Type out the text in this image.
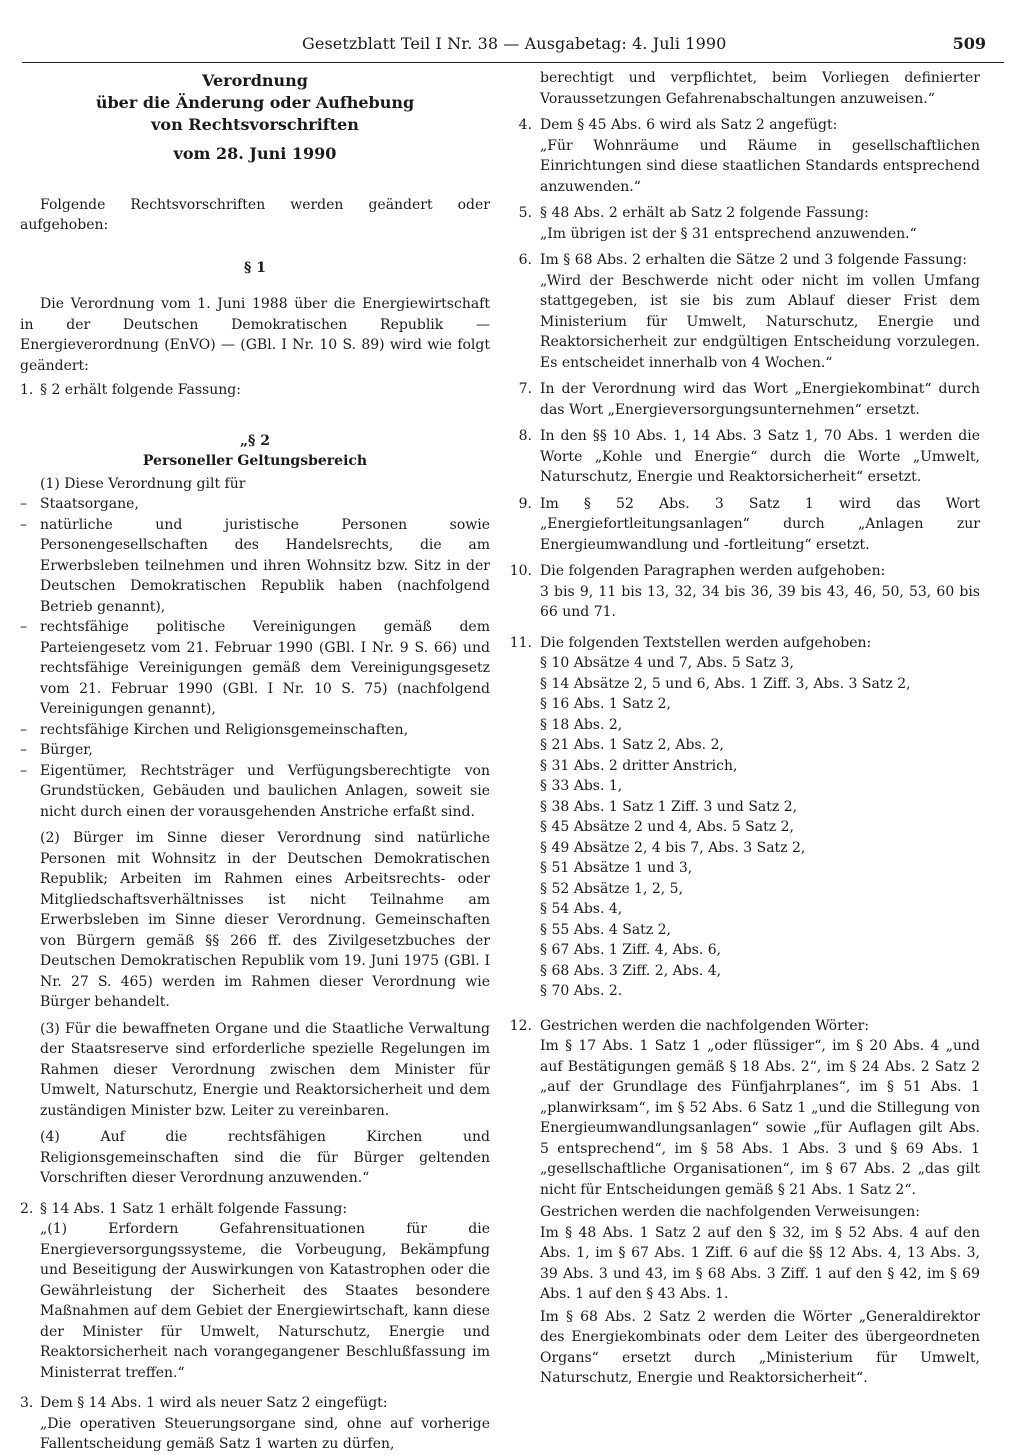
Gesetzblatt Teil I Nr. 38 — Ausgabetag: 4. Juli 1990	509
Verordnung
über die Änderung oder Aufhebung
von Rechtsvorschriften
vom 28. Juni 1990

Folgende Rechtsvorschriften werden geändert oder aufgehoben:

§ 1

Die Verordnung vom 1. Juni 1988 über die Energiewirtschaft in der Deutschen Demokratischen Republik — Energieverordnung (EnVO) — (GBl. I Nr. 10 S. 89) wird wie folgt geändert:

1. § 2 erhält folgende Fassung:
„§ 2
Personeller Geltungsbereich

(1) Diese Verordnung gilt für

– Staatsorgane,

– natürliche und juristische Personen sowie Personengesellschaften des Handelsrechts, die am Erwerbsleben teilnehmen und ihren Wohnsitz bzw. Sitz in der Deutschen Demokratischen Republik haben (nachfolgend Betrieb genannt),

– rechtsfähige politische Vereinigungen gemäß dem Parteiengesetz vom 21. Februar 1990 (GBl. I Nr. 9 S. 66) und rechtsfähige Vereinigungen gemäß dem Vereinigungsgesetz vom 21. Februar 1990 (GBl. I Nr. 10 S. 75) (nachfolgend Vereinigungen genannt),

– rechtsfähige Kirchen und Religionsgemeinschaften,

– Bürger,

– Eigentümer, Rechtsträger und Verfügungsberechtigte von Grundstücken, Gebäuden und baulichen Anlagen, soweit sie nicht durch einen der vorausgehenden Anstriche erfaßt sind.

(2) Bürger im Sinne dieser Verordnung sind natürliche Personen mit Wohnsitz in der Deutschen Demokratischen Republik; Arbeiten im Rahmen eines Arbeitsrechts- oder Mitgliedschaftsverhältnisses ist nicht Teilnahme am Erwerbsleben im Sinne dieser Verordnung. Gemeinschaften von Bürgern gemäß §§ 266 ff. des Zivilgesetzbuches der Deutschen Demokratischen Republik vom 19. Juni 1975 (GBl. I Nr. 27 S. 465) werden im Rahmen dieser Verordnung wie Bürger behandelt.

(3) Für die bewaffneten Organe und die Staatliche Verwaltung der Staatsreserve sind erforderliche spezielle Regelungen im Rahmen dieser Verordnung zwischen dem Minister für Umwelt, Naturschutz, Energie und Reaktorsicherheit und dem zuständigen Minister bzw. Leiter zu vereinbaren.

(4) Auf die rechtsfähigen Kirchen und Religionsgemeinschaften sind die für Bürger geltenden Vorschriften dieser Verordnung anzuwenden.“

2. § 14 Abs. 1 Satz 1 erhält folgende Fassung:

„(1) Erfordern Gefahrensituationen für die Energieversorgungssysteme, die Vorbeugung, Bekämpfung und Beseitigung der Auswirkungen von Katastrophen oder die Gewährleistung der Sicherheit des Staates besondere Maßnahmen auf dem Gebiet der Energiewirtschaft, kann diese der Minister für Umwelt, Naturschutz, Energie und Reaktorsicherheit nach vorangegangener Beschlußfassung im Ministerrat treffen.“

3. Dem § 14 Abs. 1 wird als neuer Satz 2 eingefügt:

„Die operativen Steuerungsorgane sind, ohne auf vorherige Fallentscheidung gemäß Satz 1 warten zu dürfen,

berechtigt und verpflichtet, beim Vorliegen definierter Voraussetzungen Gefahrenabschaltungen anzuweisen.“

4. Dem § 45 Abs. 6 wird als Satz 2 angefügt:

„Für Wohnräume und Räume in gesellschaftlichen Einrichtungen sind diese staatlichen Standards entsprechend anzuwenden.“

5. § 48 Abs. 2 erhält ab Satz 2 folgende Fassung:

„Im übrigen ist der § 31 entsprechend anzuwenden.“

6. Im § 68 Abs. 2 erhalten die Sätze 2 und 3 folgende Fassung:

„Wird der Beschwerde nicht oder nicht im vollen Umfang stattgegeben, ist sie bis zum Ablauf dieser Frist dem Ministerium für Umwelt, Naturschutz, Energie und Reaktorsicherheit zur endgültigen Entscheidung vorzulegen. Es entscheidet innerhalb von 4 Wochen.“

7. In der Verordnung wird das Wort „Energiekombinat“ durch das Wort „Energieversorgungsunternehmen“ ersetzt.
8. In den §§ 10 Abs. 1, 14 Abs. 3 Satz 1, 70 Abs. 1 werden die Worte „Kohle und Energie“ durch die Worte „Umwelt, Naturschutz, Energie und Reaktorsicherheit“ ersetzt.
9. Im § 52 Abs. 3 Satz 1 wird das Wort „Energiefortleitungsanlagen“ durch „Anlagen zur Energieumwandlung und -fortleitung“ ersetzt.
10. Die folgenden Paragraphen werden aufgehoben:

3 bis 9, 11 bis 13, 32, 34 bis 36, 39 bis 43, 46, 50, 53, 60 bis 66 und 71.

11. Die folgenden Textstellen werden aufgehoben:

§ 10 Absätze 4 und 7, Abs. 5 Satz 3,

§ 14 Absätze 2, 5 und 6, Abs. 1 Ziff. 3, Abs. 3 Satz 2,

§ 16 Abs. 1 Satz 2,

§ 18 Abs. 2,

§ 21 Abs. 1 Satz 2, Abs. 2,

§ 31 Abs. 2 dritter Anstrich,

§ 33 Abs. 1,

§ 38 Abs. 1 Satz 1 Ziff. 3 und Satz 2,

§ 45 Absätze 2 und 4, Abs. 5 Satz 2,

§ 49 Absätze 2, 4 bis 7, Abs. 3 Satz 2,

§ 51 Absätze 1 und 3,

§ 52 Absätze 1, 2, 5,

§ 54 Abs. 4,

§ 55 Abs. 4 Satz 2,

§ 67 Abs. 1 Ziff. 4, Abs. 6,

§ 68 Abs. 3 Ziff. 2, Abs. 4,

§ 70 Abs. 2.

12. Gestrichen werden die nachfolgenden Wörter:

Im § 17 Abs. 1 Satz 1 „oder flüssiger“, im § 20 Abs. 4 „und auf Bestätigungen gemäß § 18 Abs. 2“, im § 24 Abs. 2 Satz 2 „auf der Grundlage des Fünfjahrplanes“, im § 51 Abs. 1 „planwirksam“, im § 52 Abs. 6 Satz 1 „und die Stillegung von Energieumwandlungsanlagen“ sowie „für Auflagen gilt Abs. 5 entsprechend“, im § 58 Abs. 1 Abs. 3 und § 69 Abs. 1 „gesellschaftliche Organisationen“, im § 67 Abs. 2 „das gilt nicht für Entscheidungen gemäß § 21 Abs. 1 Satz 2“.

Gestrichen werden die nachfolgenden Verweisungen:

Im § 48 Abs. 1 Satz 2 auf den § 32, im § 52 Abs. 4 auf den Abs. 1, im § 67 Abs. 1 Ziff. 6 auf die §§ 12 Abs. 4, 13 Abs. 3, 39 Abs. 3 und 43, im § 68 Abs. 3 Ziff. 1 auf den § 42, im § 69 Abs. 1 auf den § 43 Abs. 1.

Im § 68 Abs. 2 Satz 2 werden die Wörter „Generaldirektor des Energiekombinats oder dem Leiter des übergeordneten Organs“ ersetzt durch „Ministerium für Umwelt, Naturschutz, Energie und Reaktorsicherheit“.
